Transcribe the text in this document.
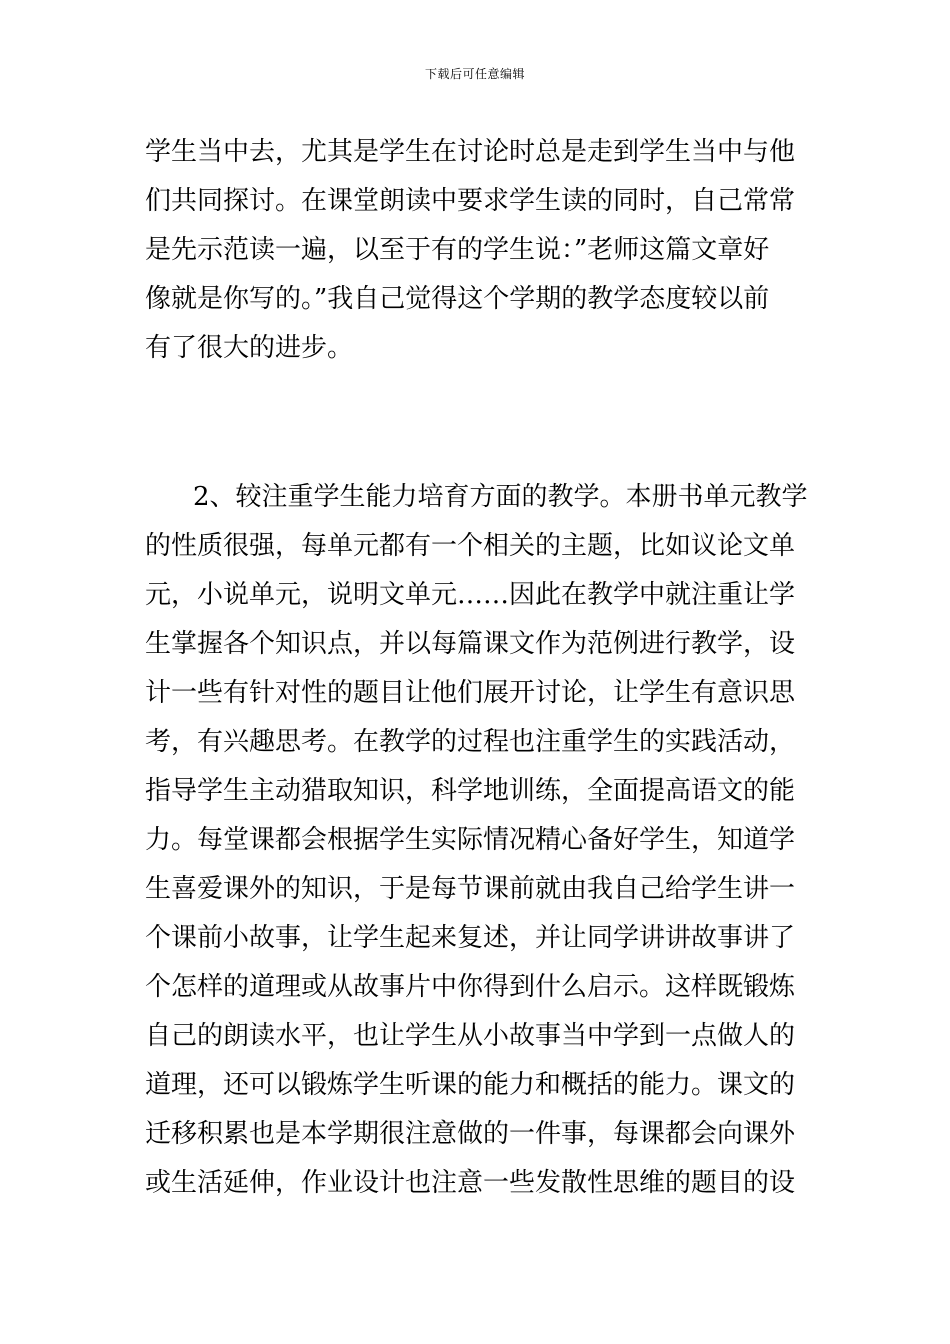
下载后可任意编辑
学生当中去，尤其是学生在讨论时总是走到学生当中与他
们共同探讨。在课堂朗读中要求学生读的同时，自己常常
是先示范读一遍，以至于有的学生说：”老师这篇文章好
像就是你写的。”我自己觉得这个学期的教学态度较以前
有了很大的进步。
2、较注重学生能力培育方面的教学。本册书单元教学
的性质很强，每单元都有一个相关的主题，比如议论文单
元，小说单元，说明文单元……因此在教学中就注重让学
生掌握各个知识点，并以每篇课文作为范例进行教学，设
计一些有针对性的题目让他们展开讨论，让学生有意识思
考，有兴趣思考。在教学的过程也注重学生的实践活动，
指导学生主动猎取知识，科学地训练，全面提高语文的能
力。每堂课都会根据学生实际情况精心备好学生，知道学
生喜爱课外的知识，于是每节课前就由我自己给学生讲一
个课前小故事，让学生起来复述，并让同学讲讲故事讲了
个怎样的道理或从故事片中你得到什么启示。这样既锻炼
自己的朗读水平，也让学生从小故事当中学到一点做人的
道理，还可以锻炼学生听课的能力和概括的能力。课文的
迁移积累也是本学期很注意做的一件事，每课都会向课外
或生活延伸，作业设计也注意一些发散性思维的题目的设
